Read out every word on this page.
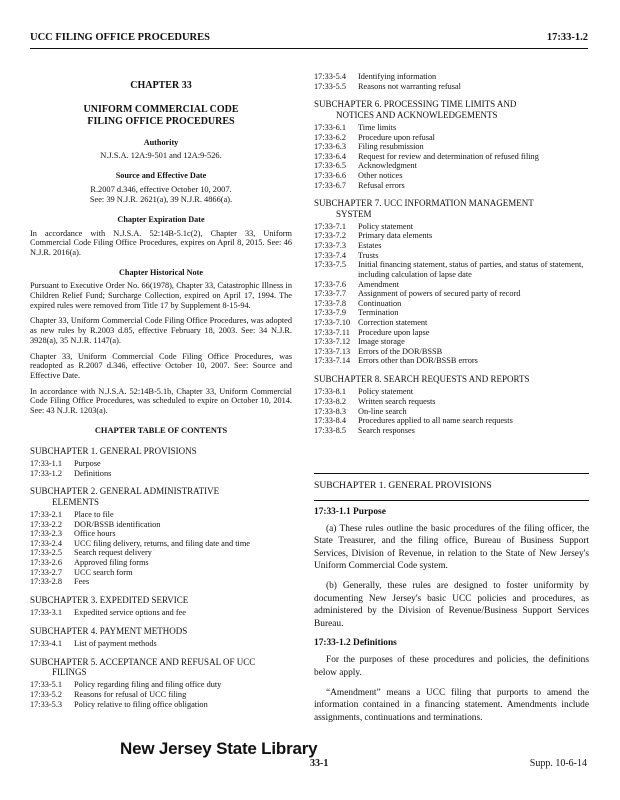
UCC FILING OFFICE PROCEDURES	17:33-1.2
CHAPTER 33
UNIFORM COMMERCIAL CODE
FILING OFFICE PROCEDURES
Authority
N.J.S.A. 12A:9-501 and 12A:9-526.
Source and Effective Date
R.2007 d.346, effective October 10, 2007.
See: 39 N.J.R. 2621(a), 39 N.J.R. 4866(a).
Chapter Expiration Date
In accordance with N.J.S.A. 52:14B-5.1c(2), Chapter 33, Uniform Commercial Code Filing Office Procedures, expires on April 8, 2015. See: 46 N.J.R. 2016(a).
Chapter Historical Note
Pursuant to Executive Order No. 66(1978), Chapter 33, Catastrophic Illness in Children Relief Fund; Surcharge Collection, expired on April 17, 1994. The expired rules were removed from Title 17 by Supplement 8-15-94.
Chapter 33, Uniform Commercial Code Filing Office Procedures, was adopted as new rules by R.2003 d.85, effective February 18, 2003. See: 34 N.J.R. 3928(a), 35 N.J.R. 1147(a).
Chapter 33, Uniform Commercial Code Filing Office Procedures, was readopted as R.2007 d.346, effective October 10, 2007. See: Source and Effective Date.
In accordance with N.J.S.A. 52:14B-5.1b, Chapter 33, Uniform Commercial Code Filing Office Procedures, was scheduled to expire on October 10, 2014. See: 43 N.J.R. 1203(a).
CHAPTER TABLE OF CONTENTS
SUBCHAPTER 1. GENERAL PROVISIONS
17:33-1.1	Purpose
17:33-1.2	Definitions
SUBCHAPTER 2. GENERAL ADMINISTRATIVE
ELEMENTS
17:33-2.1	Place to file
17:33-2.2	DOR/BSSB identification
17:33-2.3	Office hours
17:33-2.4	UCC filing delivery, returns, and filing date and time
17:33-2.5	Search request delivery
17:33-2.6	Approved filing forms
17:33-2.7	UCC search form
17:33-2.8	Fees
SUBCHAPTER 3. EXPEDITED SERVICE
17:33-3.1	Expedited service options and fee
SUBCHAPTER 4. PAYMENT METHODS
17:33-4.1	List of payment methods
SUBCHAPTER 5. ACCEPTANCE AND REFUSAL OF UCC
FILINGS
17:33-5.1	Policy regarding filing and filing office duty
17:33-5.2	Reasons for refusal of UCC filing
17:33-5.3	Policy relative to filing office obligation
17:33-5.4	Identifying information
17:33-5.5	Reasons not warranting refusal
SUBCHAPTER 6. PROCESSING TIME LIMITS AND
NOTICES AND ACKNOWLEDGEMENTS
17:33-6.1	Time limits
17:33-6.2	Procedure upon refusal
17:33-6.3	Filing resubmission
17:33-6.4	Request for review and determination of refused filing
17:33-6.5	Acknowledgment
17:33-6.6	Other notices
17:33-6.7	Refusal errors
SUBCHAPTER 7. UCC INFORMATION MANAGEMENT
SYSTEM
17:33-7.1	Policy statement
17:33-7.2	Primary data elements
17:33-7.3	Estates
17:33-7.4	Trusts
17:33-7.5	Initial financing statement, status of parties, and status of statement, including calculation of lapse date
17:33-7.6	Amendment
17:33-7.7	Assignment of powers of secured party of record
17:33-7.8	Continuation
17:33-7.9	Termination
17:33-7.10 Correction statement
17:33-7.11 Procedure upon lapse
17:33-7.12 Image storage
17:33-7.13 Errors of the DOR/BSSB
17:33-7.14 Errors other than DOR/BSSB errors
SUBCHAPTER 8. SEARCH REQUESTS AND REPORTS
17:33-8.1	Policy statement
17:33-8.2	Written search requests
17:33-8.3	On-line search
17:33-8.4	Procedures applied to all name search requests
17:33-8.5	Search responses
SUBCHAPTER 1. GENERAL PROVISIONS
17:33-1.1 Purpose

(a) These rules outline the basic procedures of the filing officer, the State Treasurer, and the filing office, Bureau of Business Support Services, Division of Revenue, in relation to the State of New Jersey's Uniform Commercial Code system.

(b) Generally, these rules are designed to foster uniformity by documenting New Jersey's basic UCC policies and procedures, as administered by the Division of Revenue/Business Support Services Bureau.

17:33-1.2 Definitions

For the purposes of these procedures and policies, the definitions below apply.

“Amendment” means a UCC filing that purports to amend the information contained in a financing statement. Amendments include assignments, continuations and terminations.

New Jersey State Library
33-1	Supp. 10-6-14
